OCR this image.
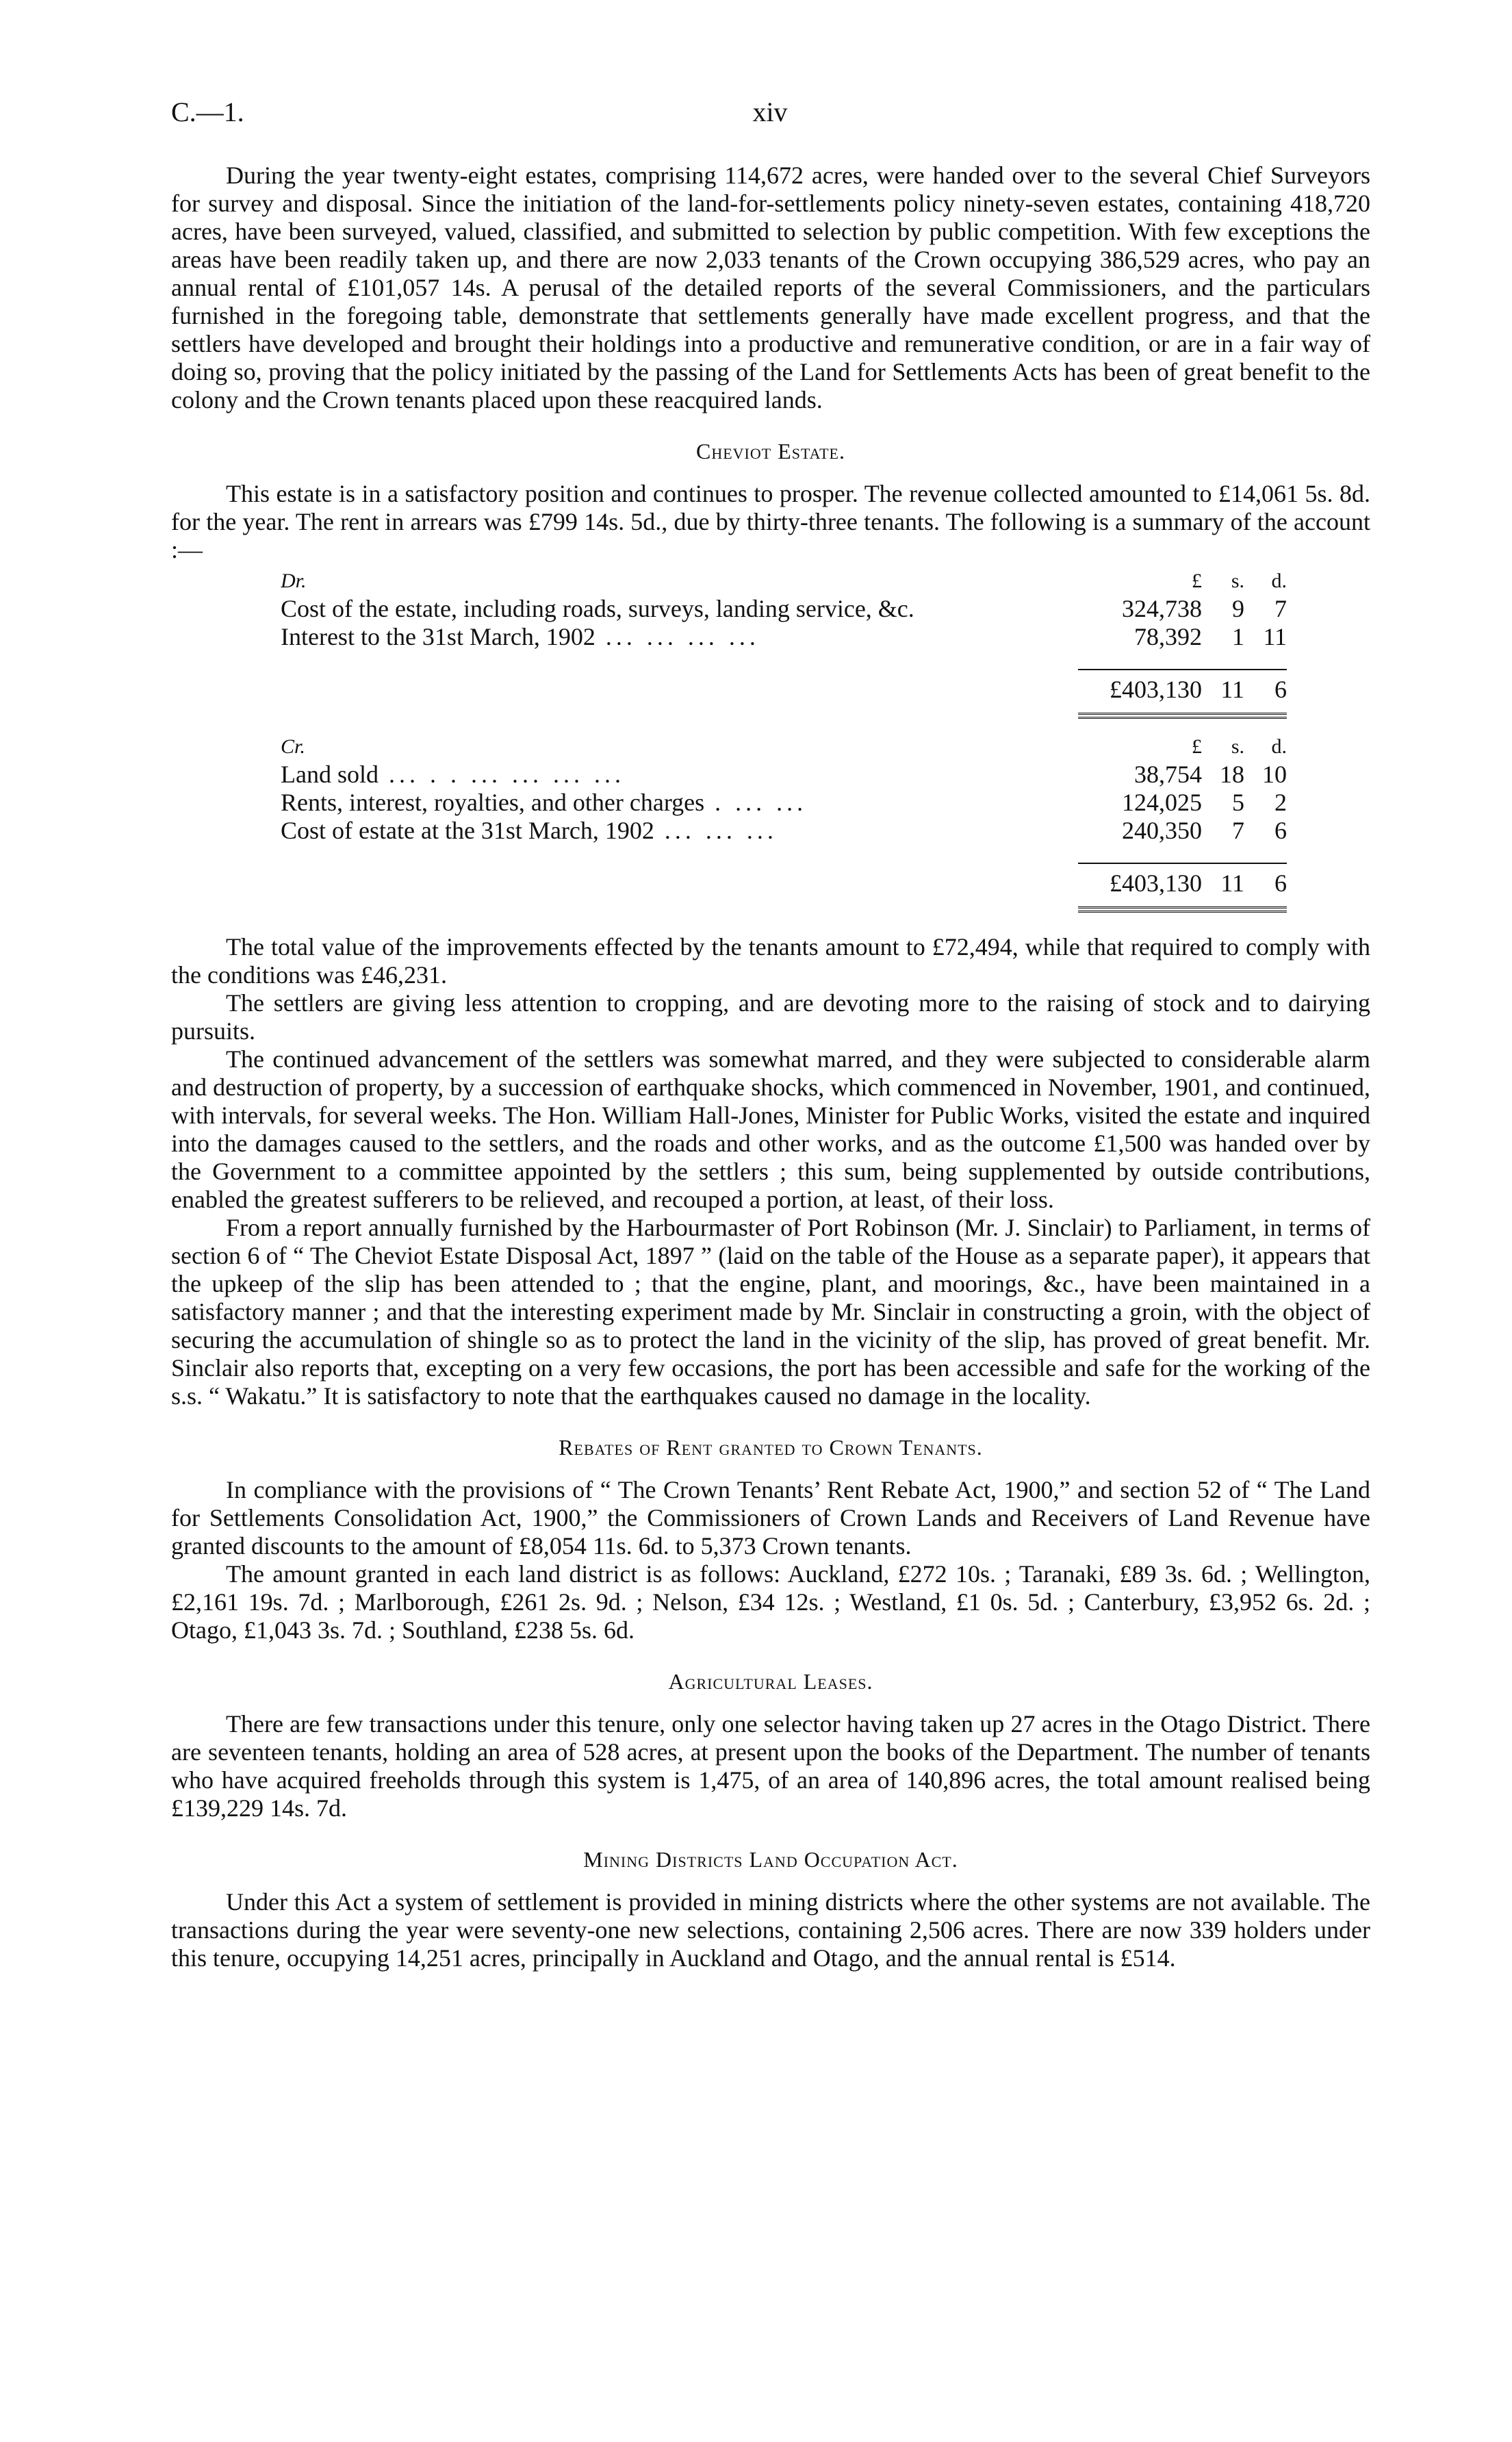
C.—1.	xiv

During the year twenty-eight estates, comprising 114,672 acres, were handed over to the several Chief Surveyors for survey and disposal. Since the initiation of the land-for-settlements policy ninety-seven estates, containing 418,720 acres, have been surveyed, valued, classified, and submitted to selection by public competition. With few exceptions the areas have been readily taken up, and there are now 2,033 tenants of the Crown occupying 386,529 acres, who pay an annual rental of £101,057 14s. A perusal of the detailed reports of the several Commissioners, and the particulars furnished in the foregoing table, demonstrate that settlements generally have made excellent progress, and that the settlers have developed and brought their holdings into a productive and remunerative condition, or are in a fair way of doing so, proving that the policy initiated by the passing of the Land for Settlements Acts has been of great benefit to the colony and the Crown tenants placed upon these reacquired lands.

Cheviot Estate.

This estate is in a satisfactory position and continues to prosper. The revenue collected amounted to £14,061 5s. 8d. for the year. The rent in arrears was £799 14s. 5d., due by thirty-three tenants. The following is a summary of the account :—

Dr.	£	s.	d.
Cost of the estate, including roads, surveys, landing service, &c.	324,738	9	7
Interest to the 31st March, 1902 ... ... ... ...	78,392	1 11
£403,130 11	6
Cr.	£	s.	d.
Land sold ... . . ... ... ... ...	38,754 18 10
Rents, interest, royalties, and other charges . ... ...	124,025	5	2
Cost of estate at the 31st March, 1902 ... ... ...	240,350	7	6
£403,130 11	6

The total value of the improvements effected by the tenants amount to £72,494, while that required to comply with the conditions was £46,231.

The settlers are giving less attention to cropping, and are devoting more to the raising of stock and to dairying pursuits.

The continued advancement of the settlers was somewhat marred, and they were subjected to considerable alarm and destruction of property, by a succession of earthquake shocks, which commenced in November, 1901, and continued, with intervals, for several weeks. The Hon. William Hall-Jones, Minister for Public Works, visited the estate and inquired into the damages caused to the settlers, and the roads and other works, and as the outcome £1,500 was handed over by the Government to a committee appointed by the settlers ; this sum, being supplemented by outside contributions, enabled the greatest sufferers to be relieved, and recouped a portion, at least, of their loss.

From a report annually furnished by the Harbourmaster of Port Robinson (Mr. J. Sinclair) to Parliament, in terms of section 6 of “ The Cheviot Estate Disposal Act, 1897 ” (laid on the table of the House as a separate paper), it appears that the upkeep of the slip has been attended to ; that the engine, plant, and moorings, &c., have been maintained in a satisfactory manner ; and that the interesting experiment made by Mr. Sinclair in constructing a groin, with the object of securing the accumulation of shingle so as to protect the land in the vicinity of the slip, has proved of great benefit. Mr. Sinclair also reports that, excepting on a very few occasions, the port has been accessible and safe for the working of the s.s. “ Wakatu.” It is satisfactory to note that the earthquakes caused no damage in the locality.

Rebates of Rent granted to Crown Tenants.

In compliance with the provisions of “ The Crown Tenants’ Rent Rebate Act, 1900,” and section 52 of “ The Land for Settlements Consolidation Act, 1900,” the Commissioners of Crown Lands and Receivers of Land Revenue have granted discounts to the amount of £8,054 11s. 6d. to 5,373 Crown tenants.

The amount granted in each land district is as follows: Auckland, £272 10s. ; Taranaki, £89 3s. 6d. ; Wellington, £2,161 19s. 7d. ; Marlborough, £261 2s. 9d. ; Nelson, £34 12s. ; Westland, £1 0s. 5d. ; Canterbury, £3,952 6s. 2d. ; Otago, £1,043 3s. 7d. ; Southland, £238 5s. 6d.

Agricultural Leases.

There are few transactions under this tenure, only one selector having taken up 27 acres in the Otago District. There are seventeen tenants, holding an area of 528 acres, at present upon the books of the Department. The number of tenants who have acquired freeholds through this system is 1,475, of an area of 140,896 acres, the total amount realised being £139,229 14s. 7d.

Mining Districts Land Occupation Act.

Under this Act a system of settlement is provided in mining districts where the other systems are not available. The transactions during the year were seventy-one new selections, containing 2,506 acres. There are now 339 holders under this tenure, occupying 14,251 acres, principally in Auckland and Otago, and the annual rental is £514.
